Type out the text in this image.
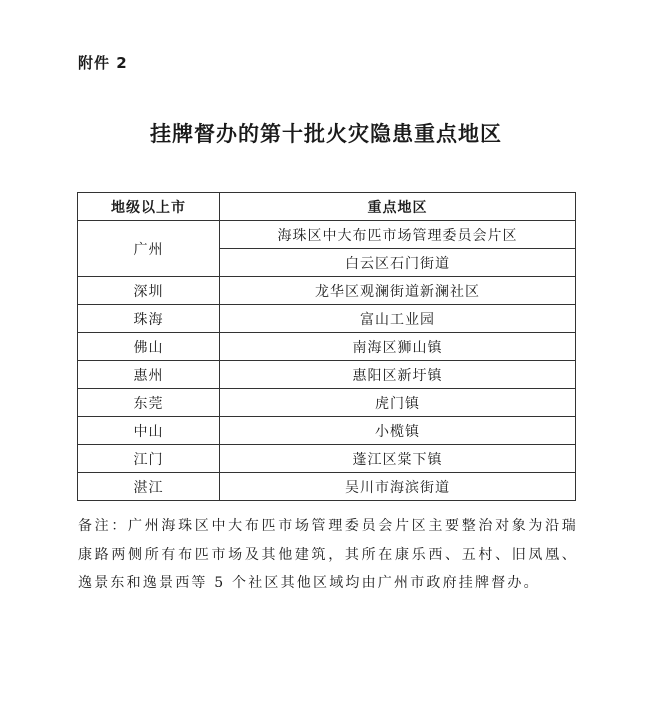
附件 2
挂牌督办的第十批火灾隐患重点地区
地级以上市	重点地区
广州	海珠区中大布匹市场管理委员会片区
	白云区石门街道
深圳	龙华区观澜街道新澜社区
珠海	富山工业园
佛山	南海区狮山镇
惠州	惠阳区新圩镇
东莞	虎门镇
中山	小榄镇
江门	蓬江区棠下镇
湛江	吴川市海滨街道
备注：广州海珠区中大布匹市场管理委员会片区主要整治对象为沿瑞康路两侧所有布匹市场及其他建筑，其所在康乐西、五村、旧凤凰、逸景东和逸景西等 5 个社区其他区域均由广州市政府挂牌督办。
